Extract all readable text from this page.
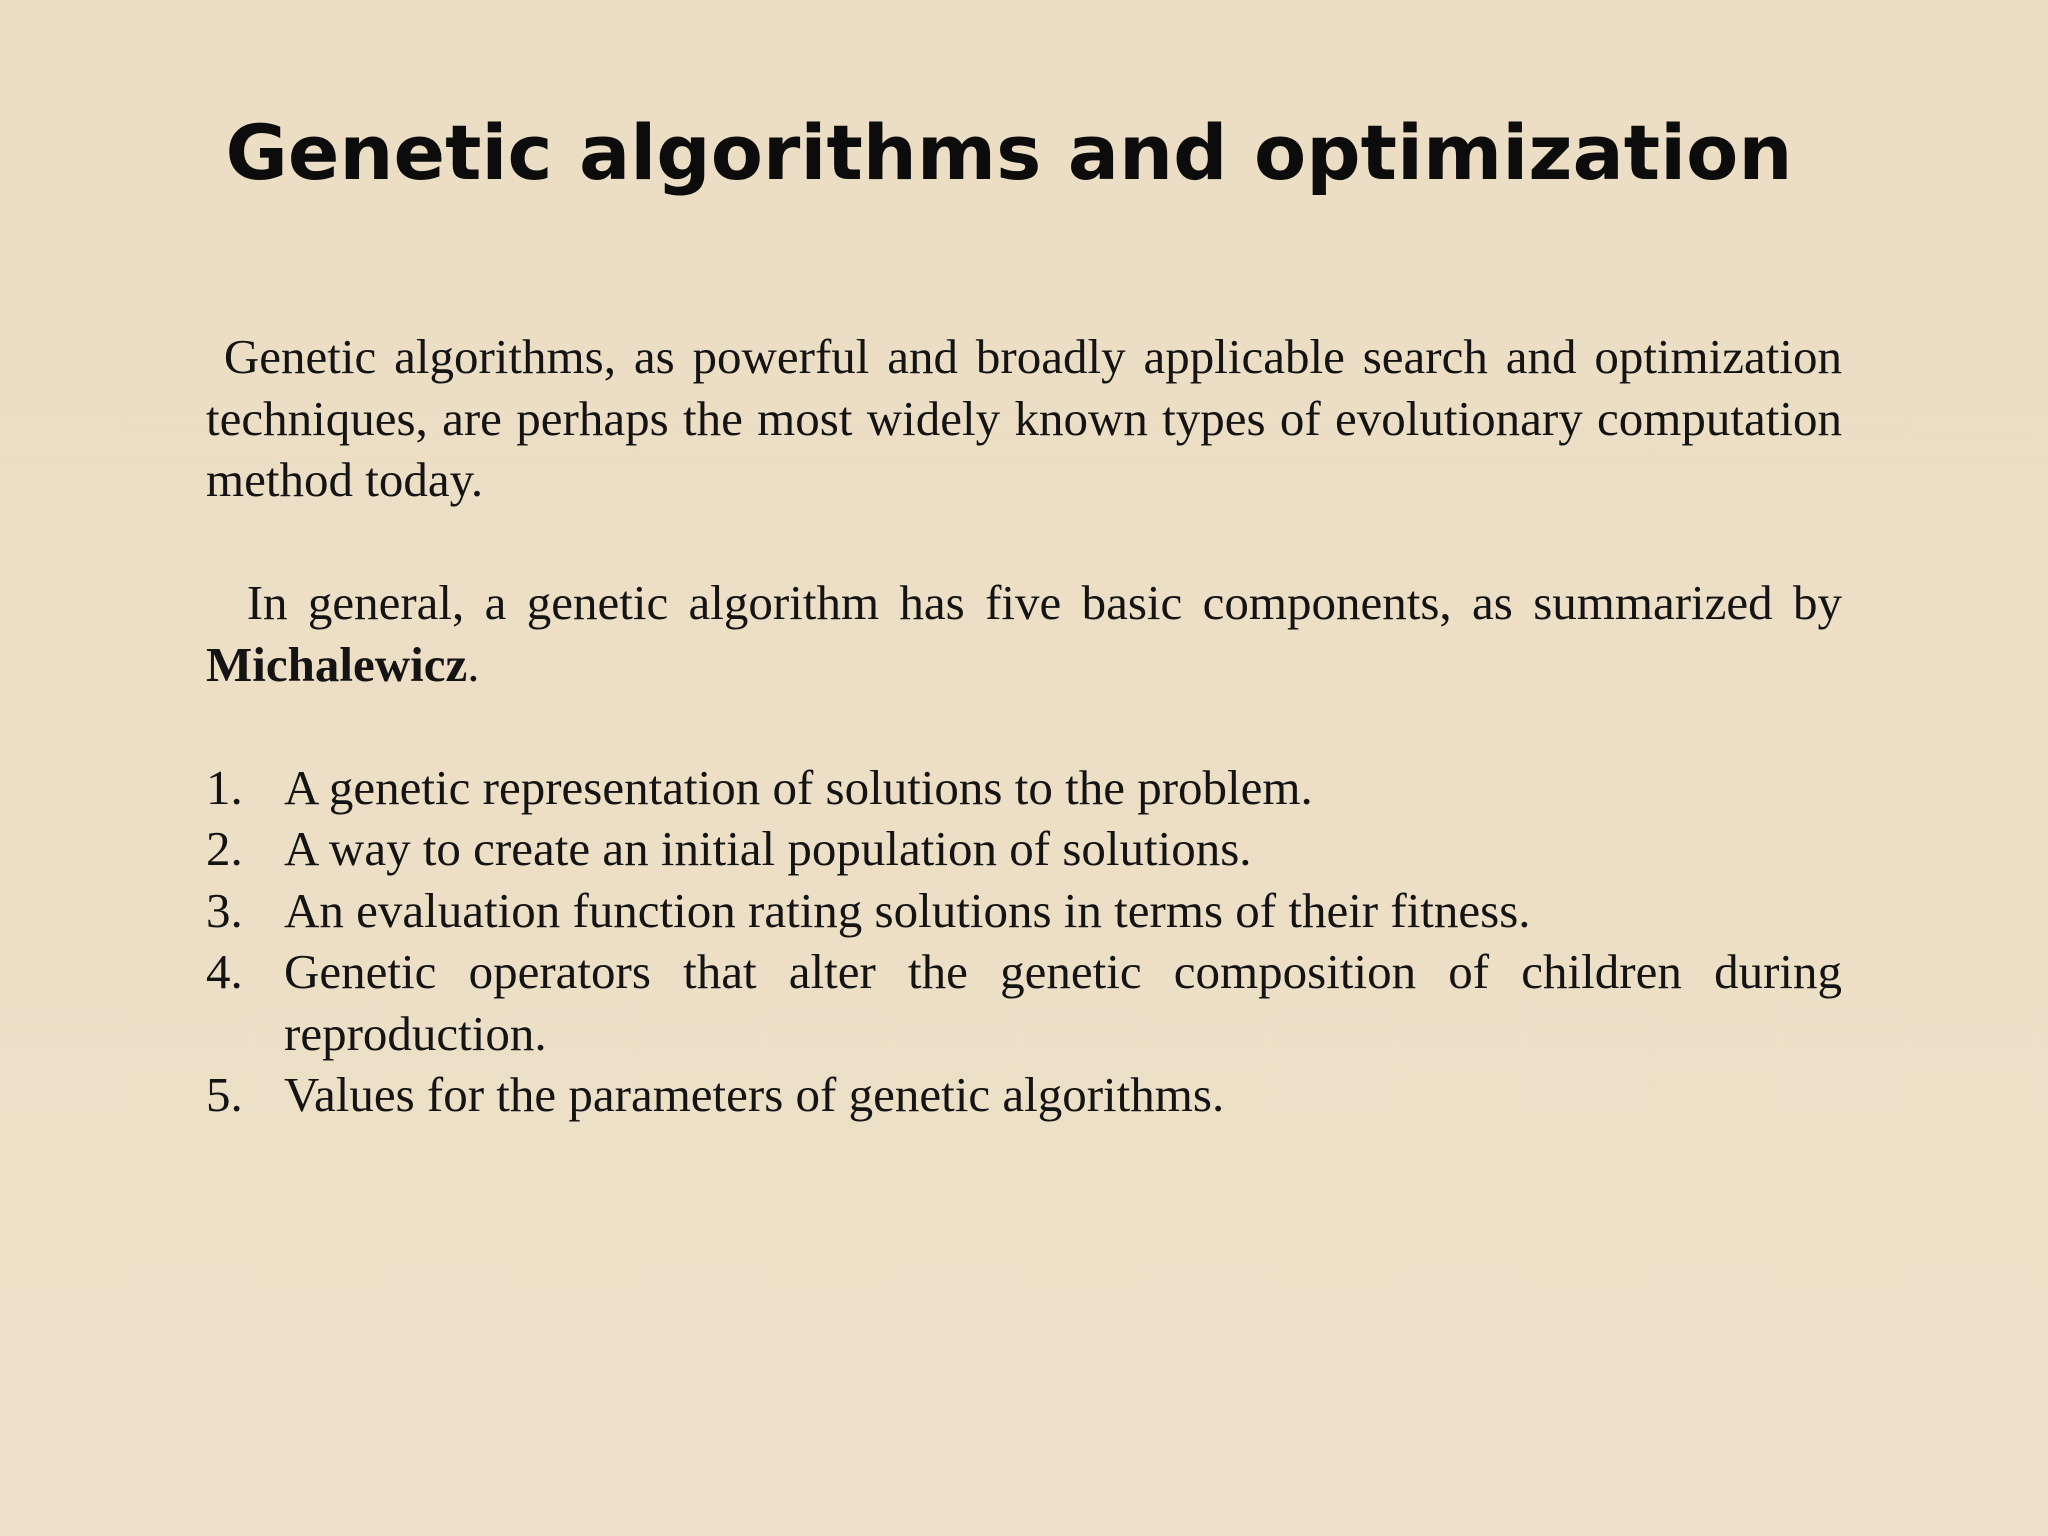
Genetic algorithms and optimization

Genetic algorithms, as powerful and broadly applicable search and optimization techniques, are perhaps the most widely known types of evolutionary computation method today.

In general, a genetic algorithm has five basic components, as summarized by Michalewicz.

1. A genetic representation of solutions to the problem.
2. A way to create an initial population of solutions.
3. An evaluation function rating solutions in terms of their fitness.
4. Genetic operators that alter the genetic composition of children during reproduction.
5. Values for the parameters of genetic algorithms.
